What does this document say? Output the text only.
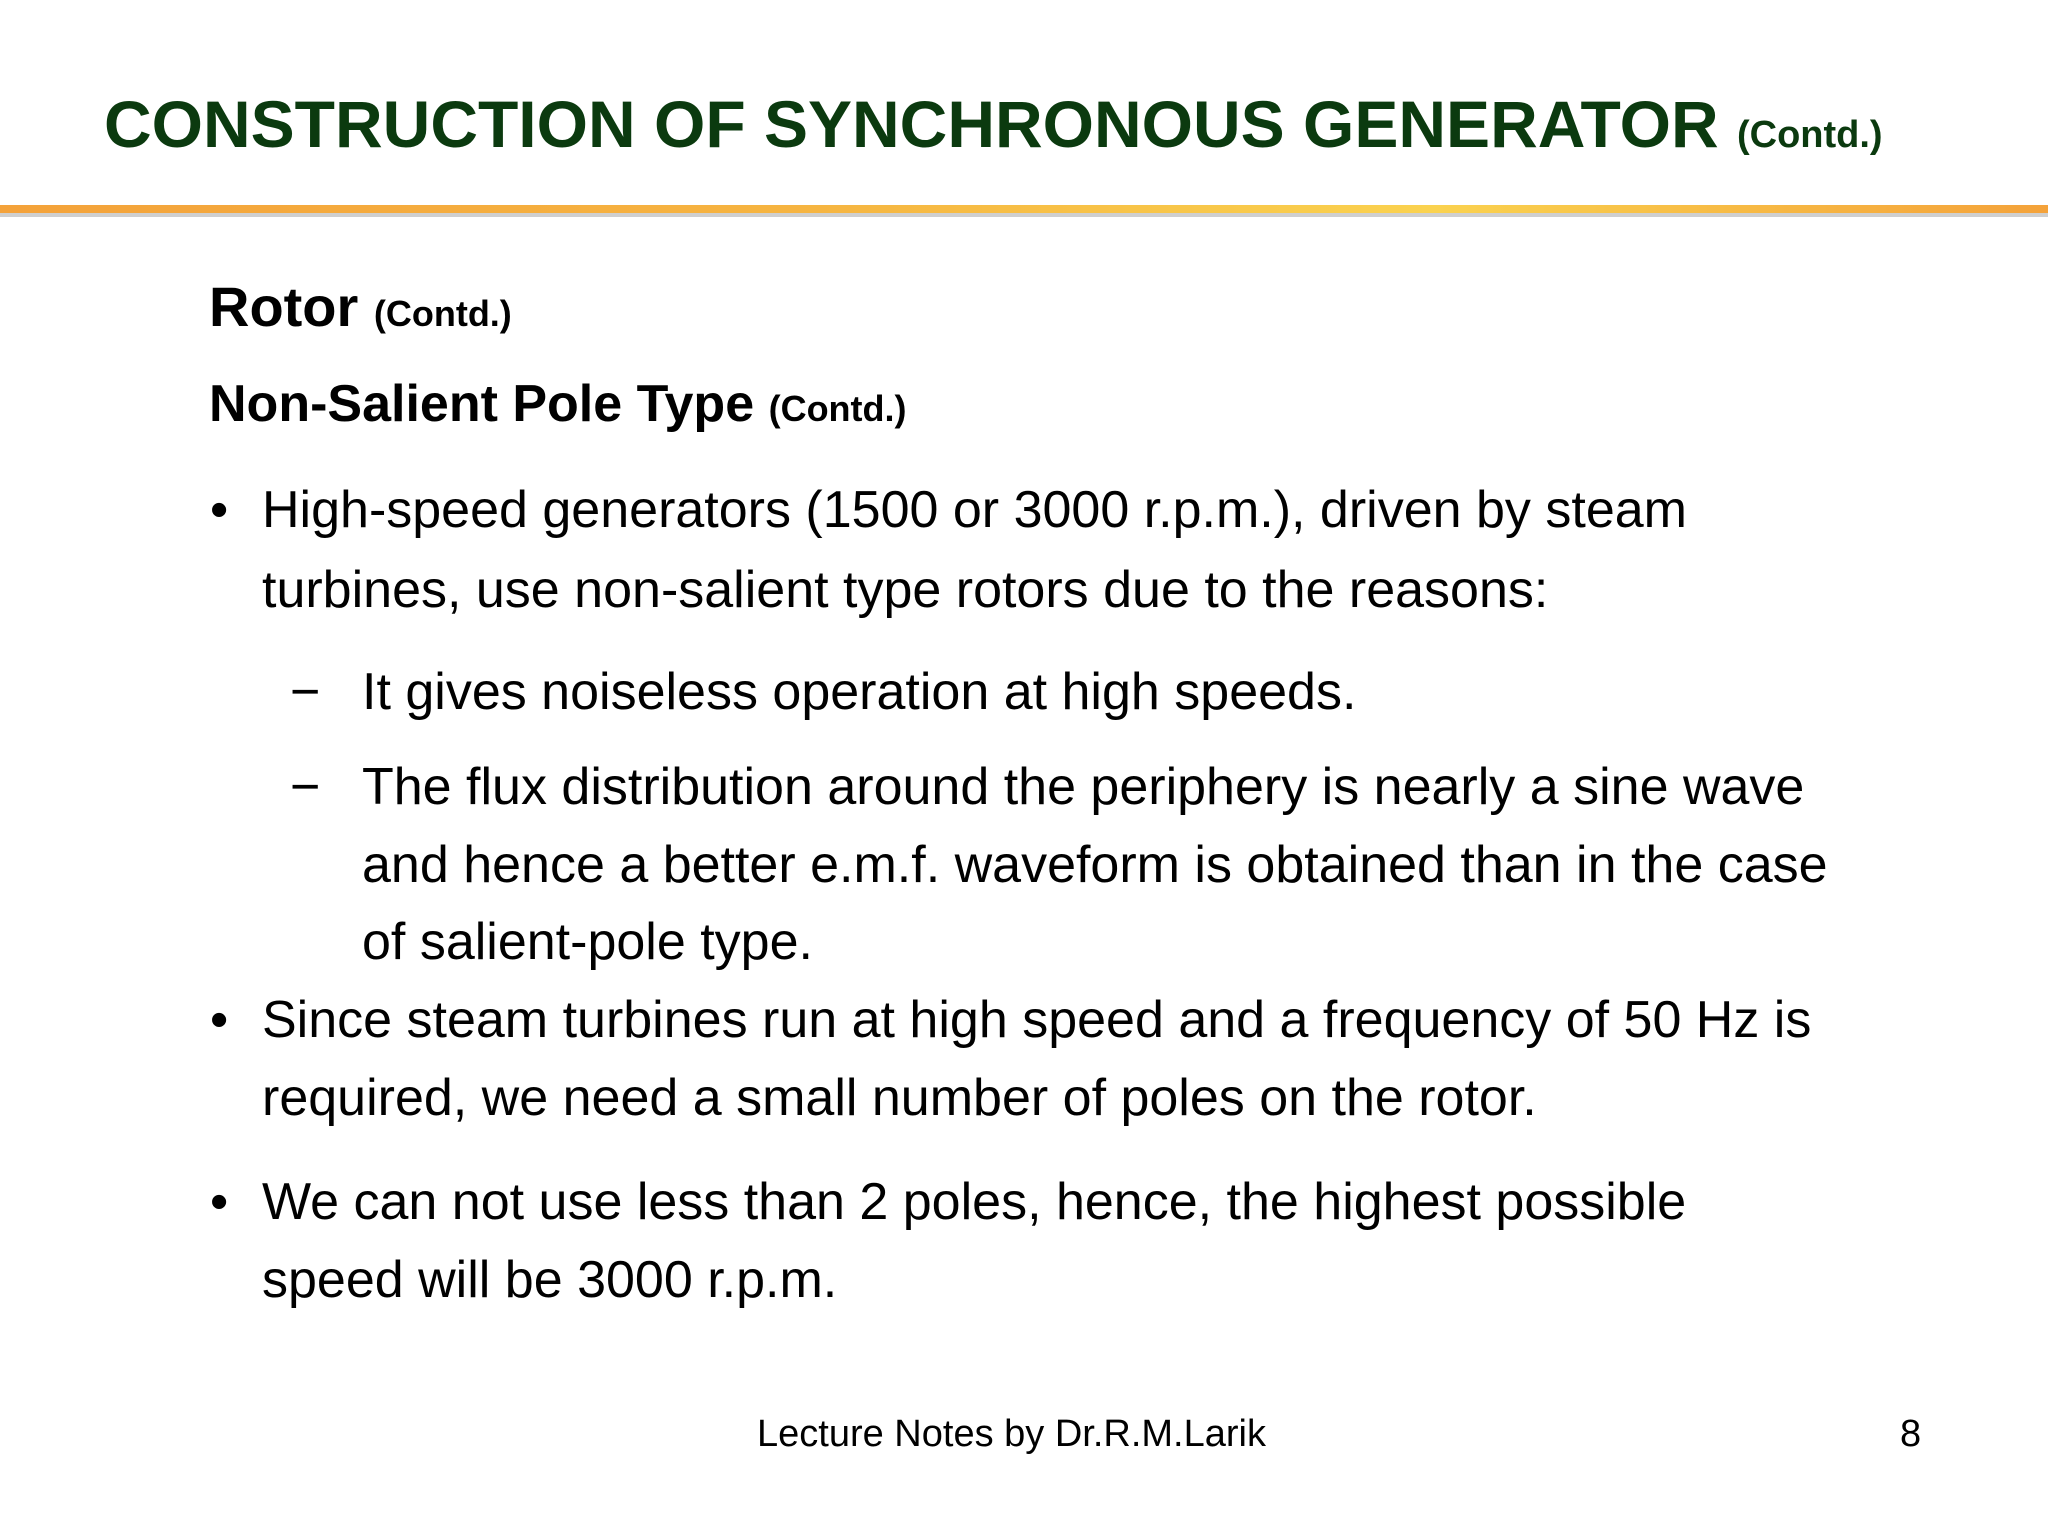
CONSTRUCTION OF SYNCHRONOUS GENERATOR (Contd.)
Rotor (Contd.)
Non-Salient Pole Type (Contd.)
• High-speed generators (1500 or 3000 r.p.m.), driven by steam
turbines, use non-salient type rotors due to the reasons:
− It gives noiseless operation at high speeds.
− The flux distribution around the periphery is nearly a sine wave
and hence a better e.m.f. waveform is obtained than in the case
of salient-pole type.
• Since steam turbines run at high speed and a frequency of 50 Hz is
required, we need a small number of poles on the rotor.
• We can not use less than 2 poles, hence, the highest possible
speed will be 3000 r.p.m.
Lecture Notes by Dr.R.M.Larik	8
